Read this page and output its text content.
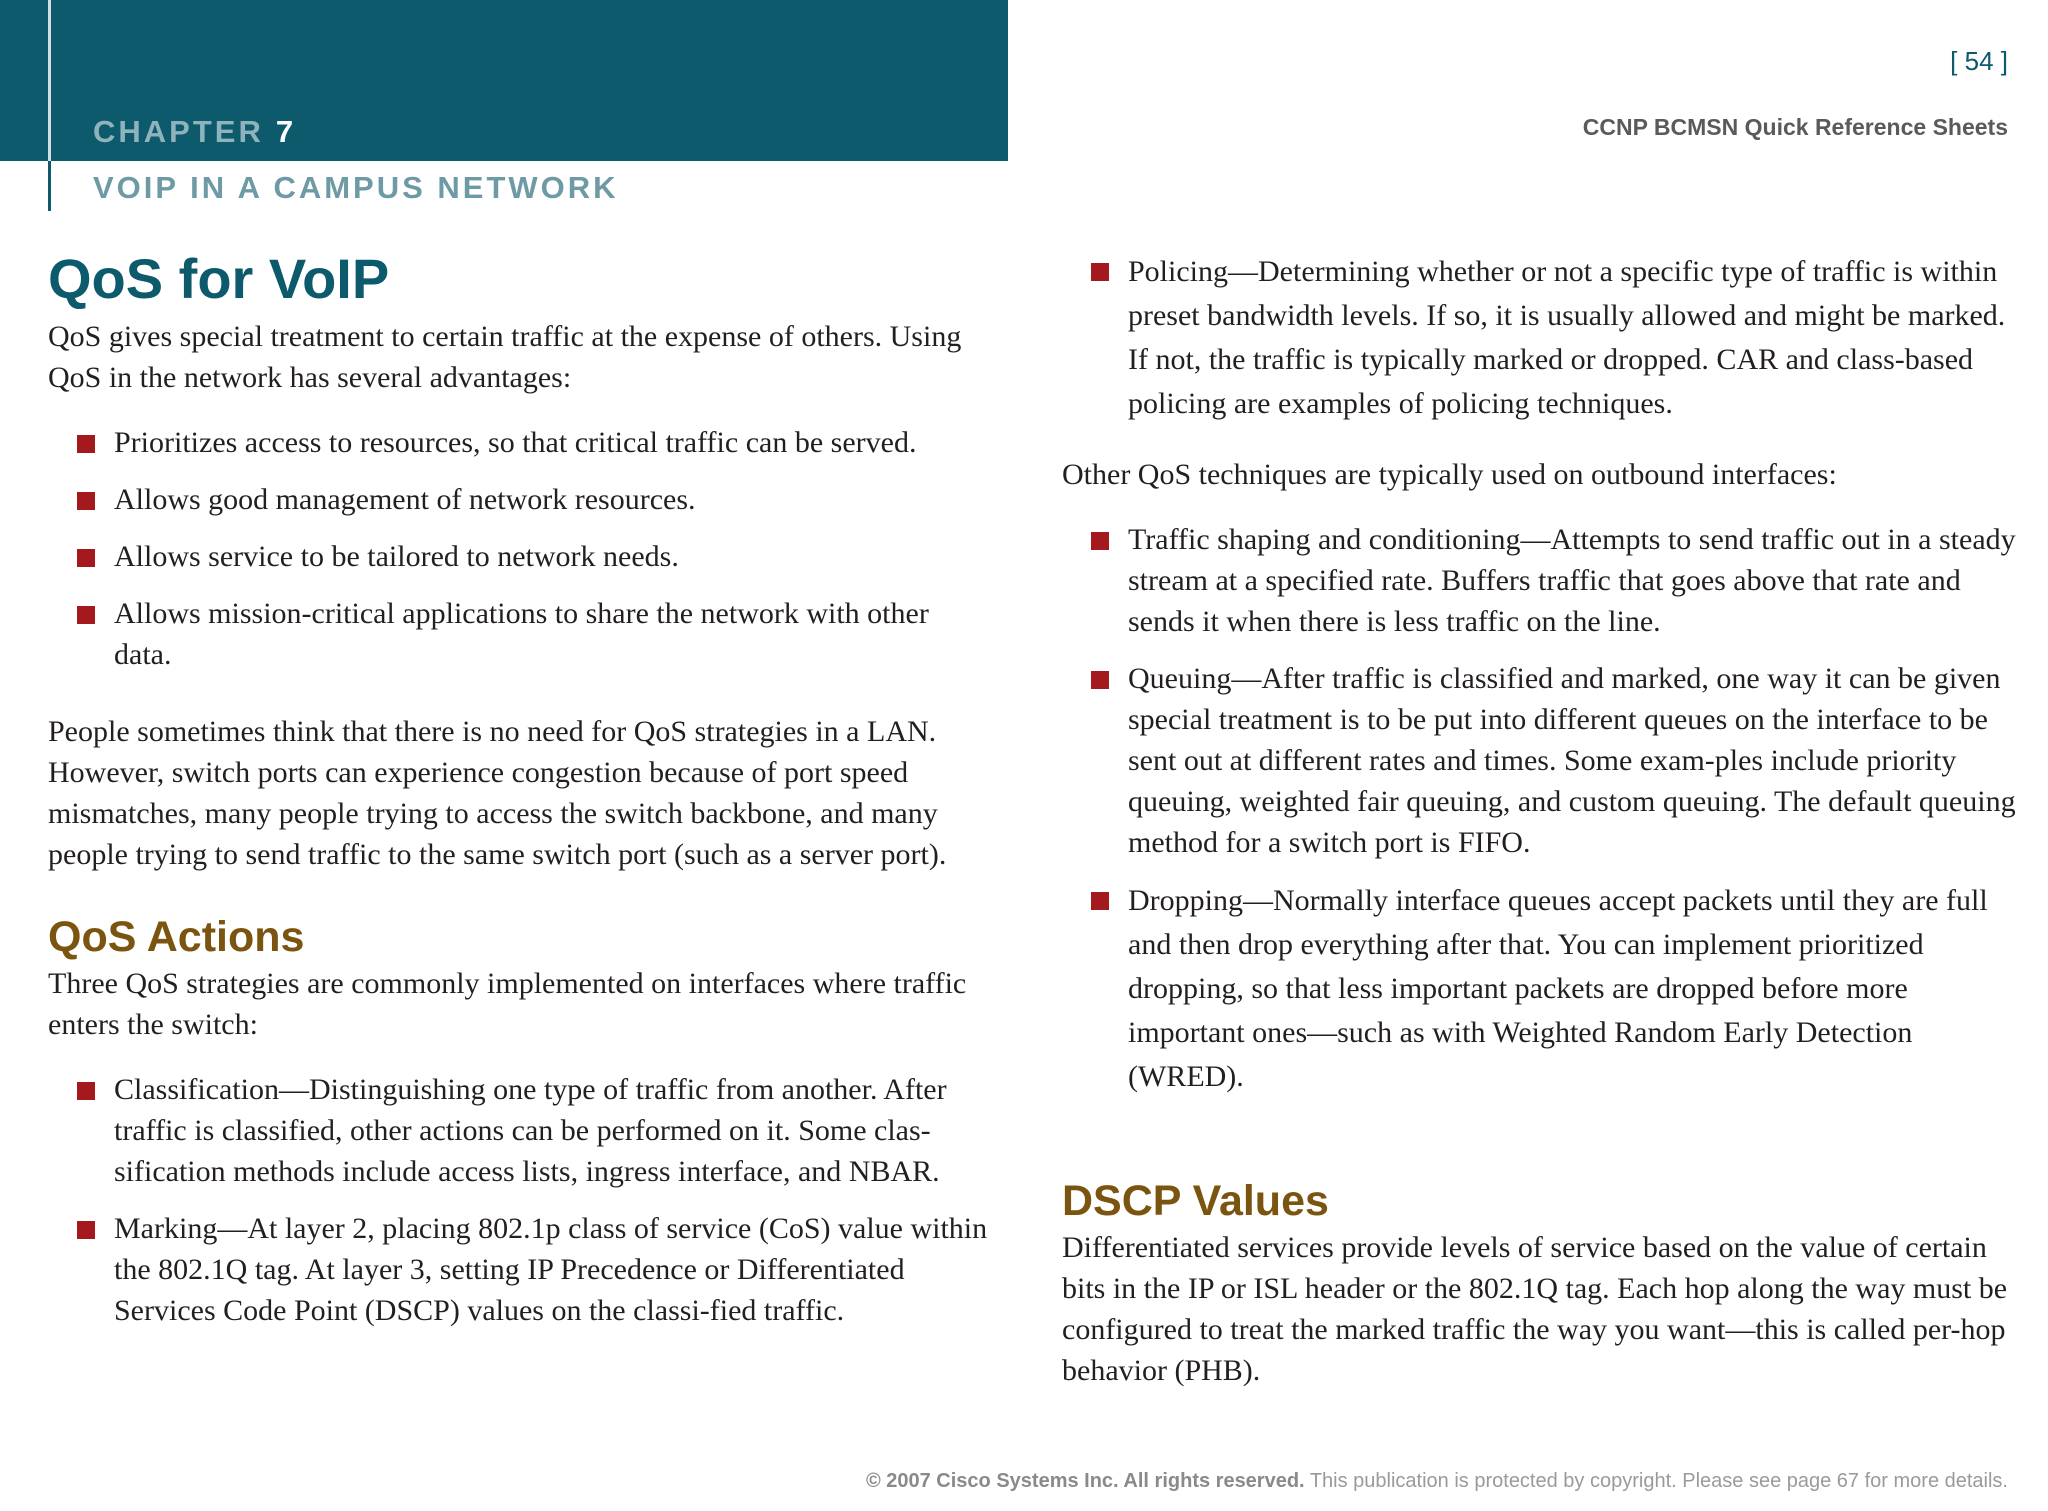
CHAPTER 7
VOIP IN A CAMPUS NETWORK
[ 54 ]
CCNP BCMSN Quick Reference Sheets
QoS for VoIP

QoS gives special treatment to certain traffic at the expense of others. Using QoS in the network has several advantages:

Prioritizes access to resources, so that critical traffic can be served.
Allows good management of network resources.
Allows service to be tailored to network needs.
Allows mission-critical applications to share the network with other data.

People sometimes think that there is no need for QoS strategies in a LAN. However, switch ports can experience congestion because of port speed mismatches, many people trying to access the switch backbone, and many people trying to send traffic to the same switch port (such as a server port).

QoS Actions

Three QoS strategies are commonly implemented on interfaces where traffic enters the switch:

Classification—Distinguishing one type of traffic from another. After traffic is classified, other actions can be performed on it. Some clas-sification methods include access lists, ingress interface, and NBAR.
Marking—At layer 2, placing 802.1p class of service (CoS) value within the 802.1Q tag. At layer 3, setting IP Precedence or Differentiated Services Code Point (DSCP) values on the classi-fied traffic.
Policing—Determining whether or not a specific type of traffic is within preset bandwidth levels. If so, it is usually allowed and might be marked. If not, the traffic is typically marked or dropped. CAR and class-based policing are examples of policing techniques.

Other QoS techniques are typically used on outbound interfaces:

Traffic shaping and conditioning—Attempts to send traffic out in a steady stream at a specified rate. Buffers traffic that goes above that rate and sends it when there is less traffic on the line.
Queuing—After traffic is classified and marked, one way it can be given special treatment is to be put into different queues on the interface to be sent out at different rates and times. Some exam-ples include priority queuing, weighted fair queuing, and custom queuing. The default queuing method for a switch port is FIFO.
Dropping—Normally interface queues accept packets until they are full and then drop everything after that. You can implement prioritized dropping, so that less important packets are dropped before more important ones—such as with Weighted Random Early Detection (WRED).
DSCP Values

Differentiated services provide levels of service based on the value of certain bits in the IP or ISL header or the 802.1Q tag. Each hop along the way must be configured to treat the marked traffic the way you want—this is called per-hop behavior (PHB).

© 2007 Cisco Systems Inc. All rights reserved. This publication is protected by copyright. Please see page 67 for more details.
